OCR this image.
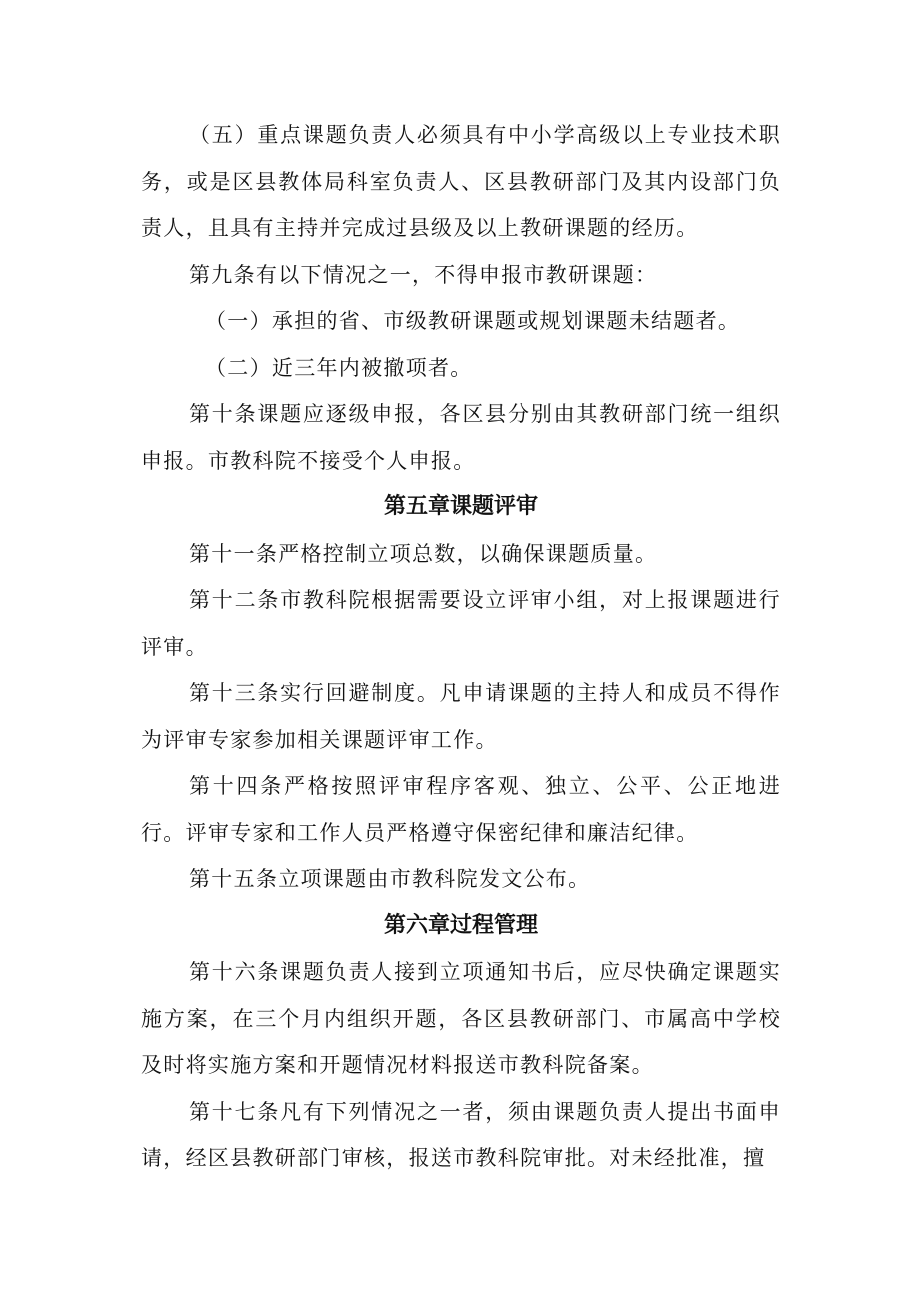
（五）重点课题负责人必须具有中小学高级以上专业技术职务，或是区县教体局科室负责人、区县教研部门及其内设部门负责人，且具有主持并完成过县级及以上教研课题的经历。

第九条有以下情况之一，不得申报市教研课题：

（一）承担的省、市级教研课题或规划课题未结题者。

（二）近三年内被撤项者。

第十条课题应逐级申报，各区县分别由其教研部门统一组织申报。市教科院不接受个人申报。

第五章课题评审

第十一条严格控制立项总数，以确保课题质量。

第十二条市教科院根据需要设立评审小组，对上报课题进行评审。

第十三条实行回避制度。凡申请课题的主持人和成员不得作为评审专家参加相关课题评审工作。

第十四条严格按照评审程序客观、独立、公平、公正地进行。评审专家和工作人员严格遵守保密纪律和廉洁纪律。

第十五条立项课题由市教科院发文公布。

第六章过程管理

第十六条课题负责人接到立项通知书后，应尽快确定课题实施方案，在三个月内组织开题，各区县教研部门、市属高中学校及时将实施方案和开题情况材料报送市教科院备案。

第十七条凡有下列情况之一者，须由课题负责人提出书面申请，经区县教研部门审核，报送市教科院审批。对未经批准，擅
